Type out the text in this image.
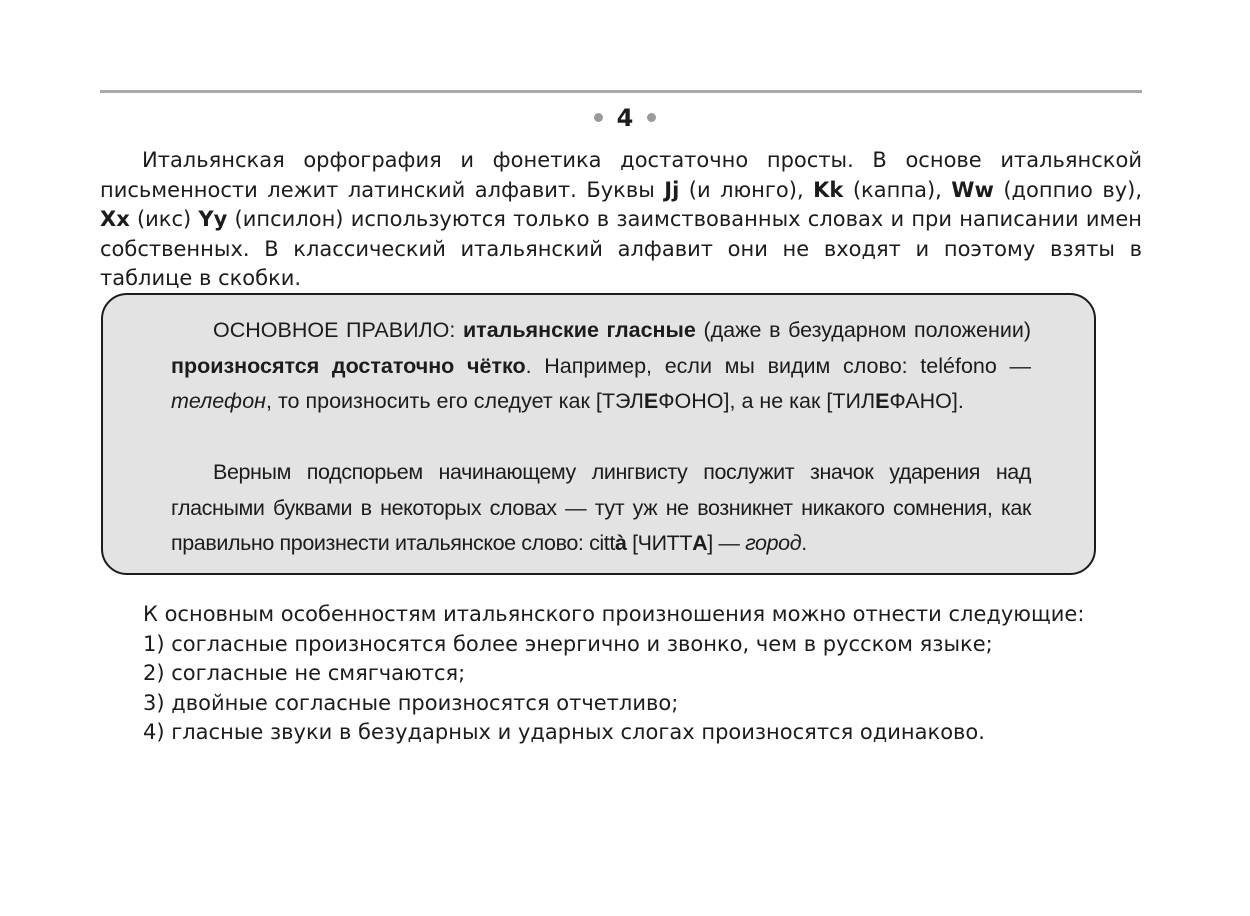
4

Итальянская орфография и фонетика достаточно просты. В основе итальянской письменности лежит латинский алфавит. Буквы Jj (и люнго), Kk (каппа), Ww (доппио ву), Xx (икс) Yy (ипсилон) используются только в заимствованных словах и при написании имен собственных. В классический итальянский алфавит они не входят и поэтому взяты в таблице в скобки.

ОСНОВНОЕ ПРАВИЛО: итальянские гласные (даже в безударном положении) произносятся достаточно чётко. Например, если мы видим слово: teléfono — телефон, то произносить его следует как [ТЭЛЕФОНО], а не как [ТИЛЕФАНО].

Верным подспорьем начинающему лингвисту послужит значок ударения над гласными буквами в некоторых словах — тут уж не возникнет никакого сомнения, как правильно произнести итальянское слово: città [ЧИТТА] — город.

К основным особенностям итальянского произношения можно отнести следующие:
1) согласные произносятся более энергично и звонко, чем в русском языке;
2) согласные не смягчаются;
3) двойные согласные произносятся отчетливо;
4) гласные звуки в безударных и ударных слогах произносятся одинаково.
